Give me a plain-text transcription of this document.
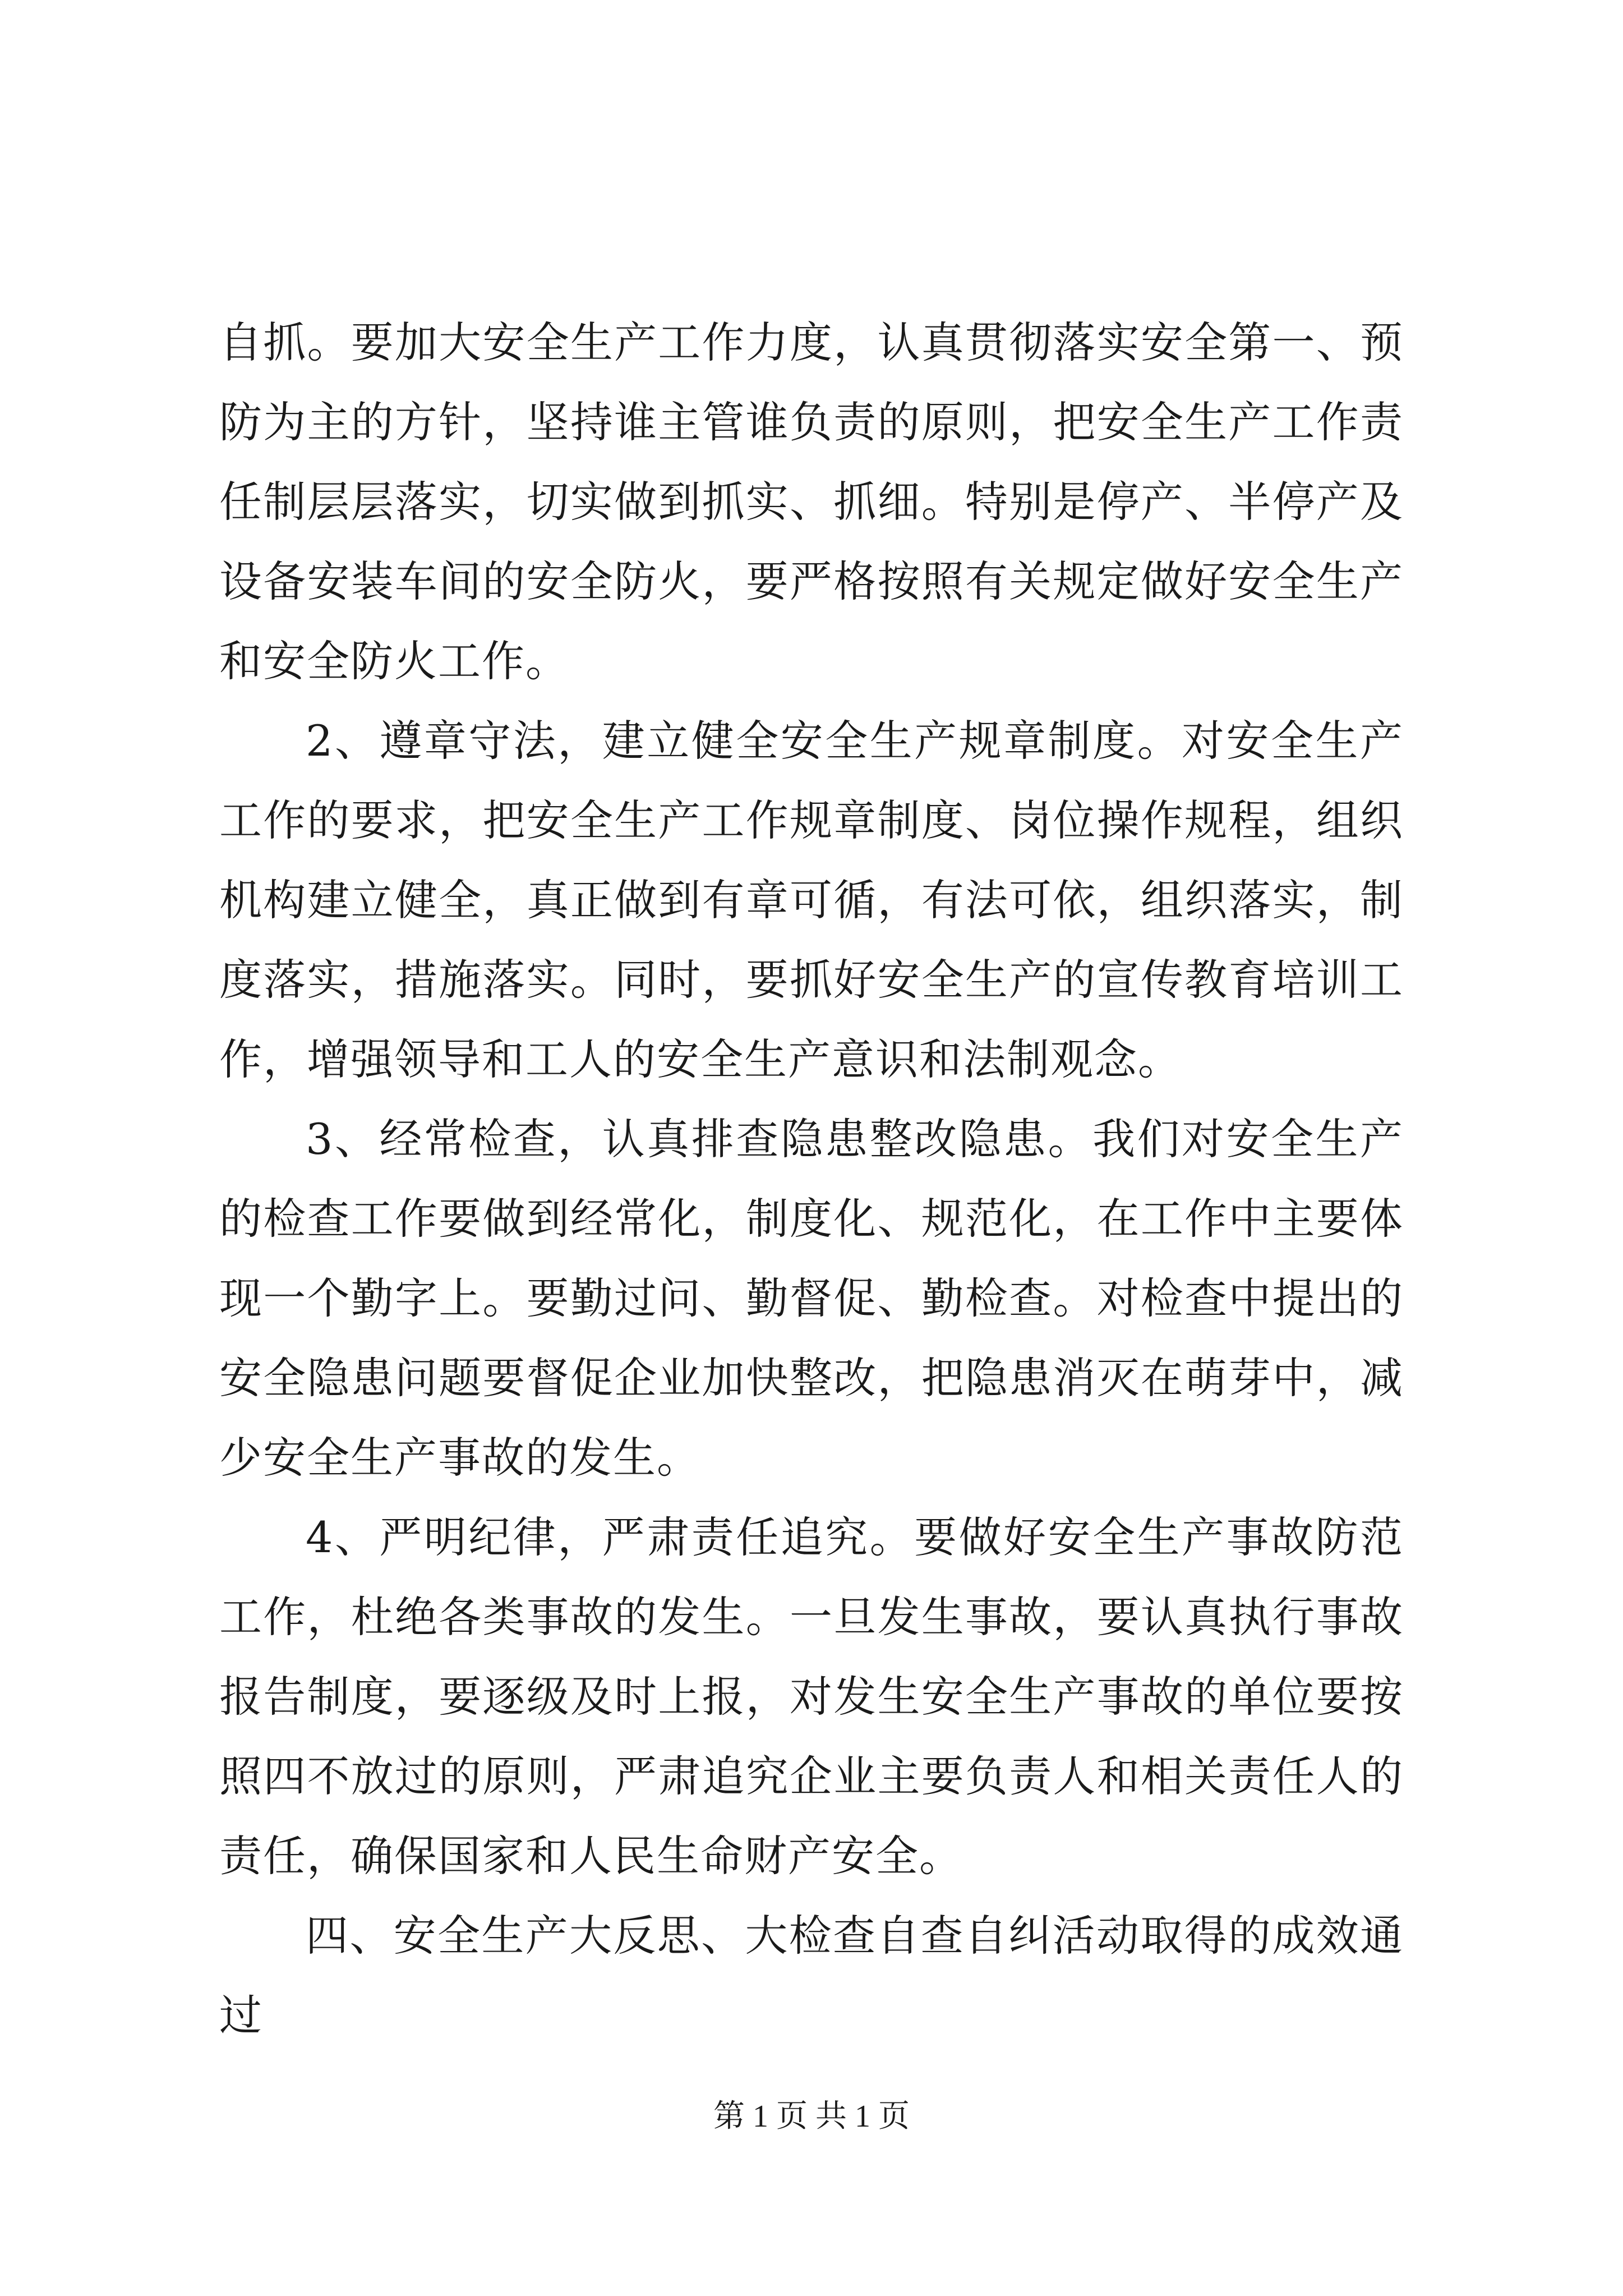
自抓。要加大安全生产工作力度，认真贯彻落实安全第一、预防为主的方针，坚持谁主管谁负责的原则，把安全生产工作责任制层层落实，切实做到抓实、抓细。特别是停产、半停产及设备安装车间的安全防火，要严格按照有关规定做好安全生产和安全防火工作。

2、遵章守法，建立健全安全生产规章制度。对安全生产工作的要求，把安全生产工作规章制度、岗位操作规程，组织机构建立健全，真正做到有章可循，有法可依，组织落实，制度落实，措施落实。同时，要抓好安全生产的宣传教育培训工作，增强领导和工人的安全生产意识和法制观念。

3、经常检查，认真排查隐患整改隐患。我们对安全生产的检查工作要做到经常化，制度化、规范化，在工作中主要体现一个勤字上。要勤过问、勤督促、勤检查。对检查中提出的安全隐患问题要督促企业加快整改，把隐患消灭在萌芽中，减少安全生产事故的发生。

4、严明纪律，严肃责任追究。要做好安全生产事故防范工作，杜绝各类事故的发生。一旦发生事故，要认真执行事故报告制度，要逐级及时上报，对发生安全生产事故的单位要按照四不放过的原则，严肃追究企业主要负责人和相关责任人的责任，确保国家和人民生命财产安全。

四、安全生产大反思、大检查自查自纠活动取得的成效通过

第 1 页 共 1 页
